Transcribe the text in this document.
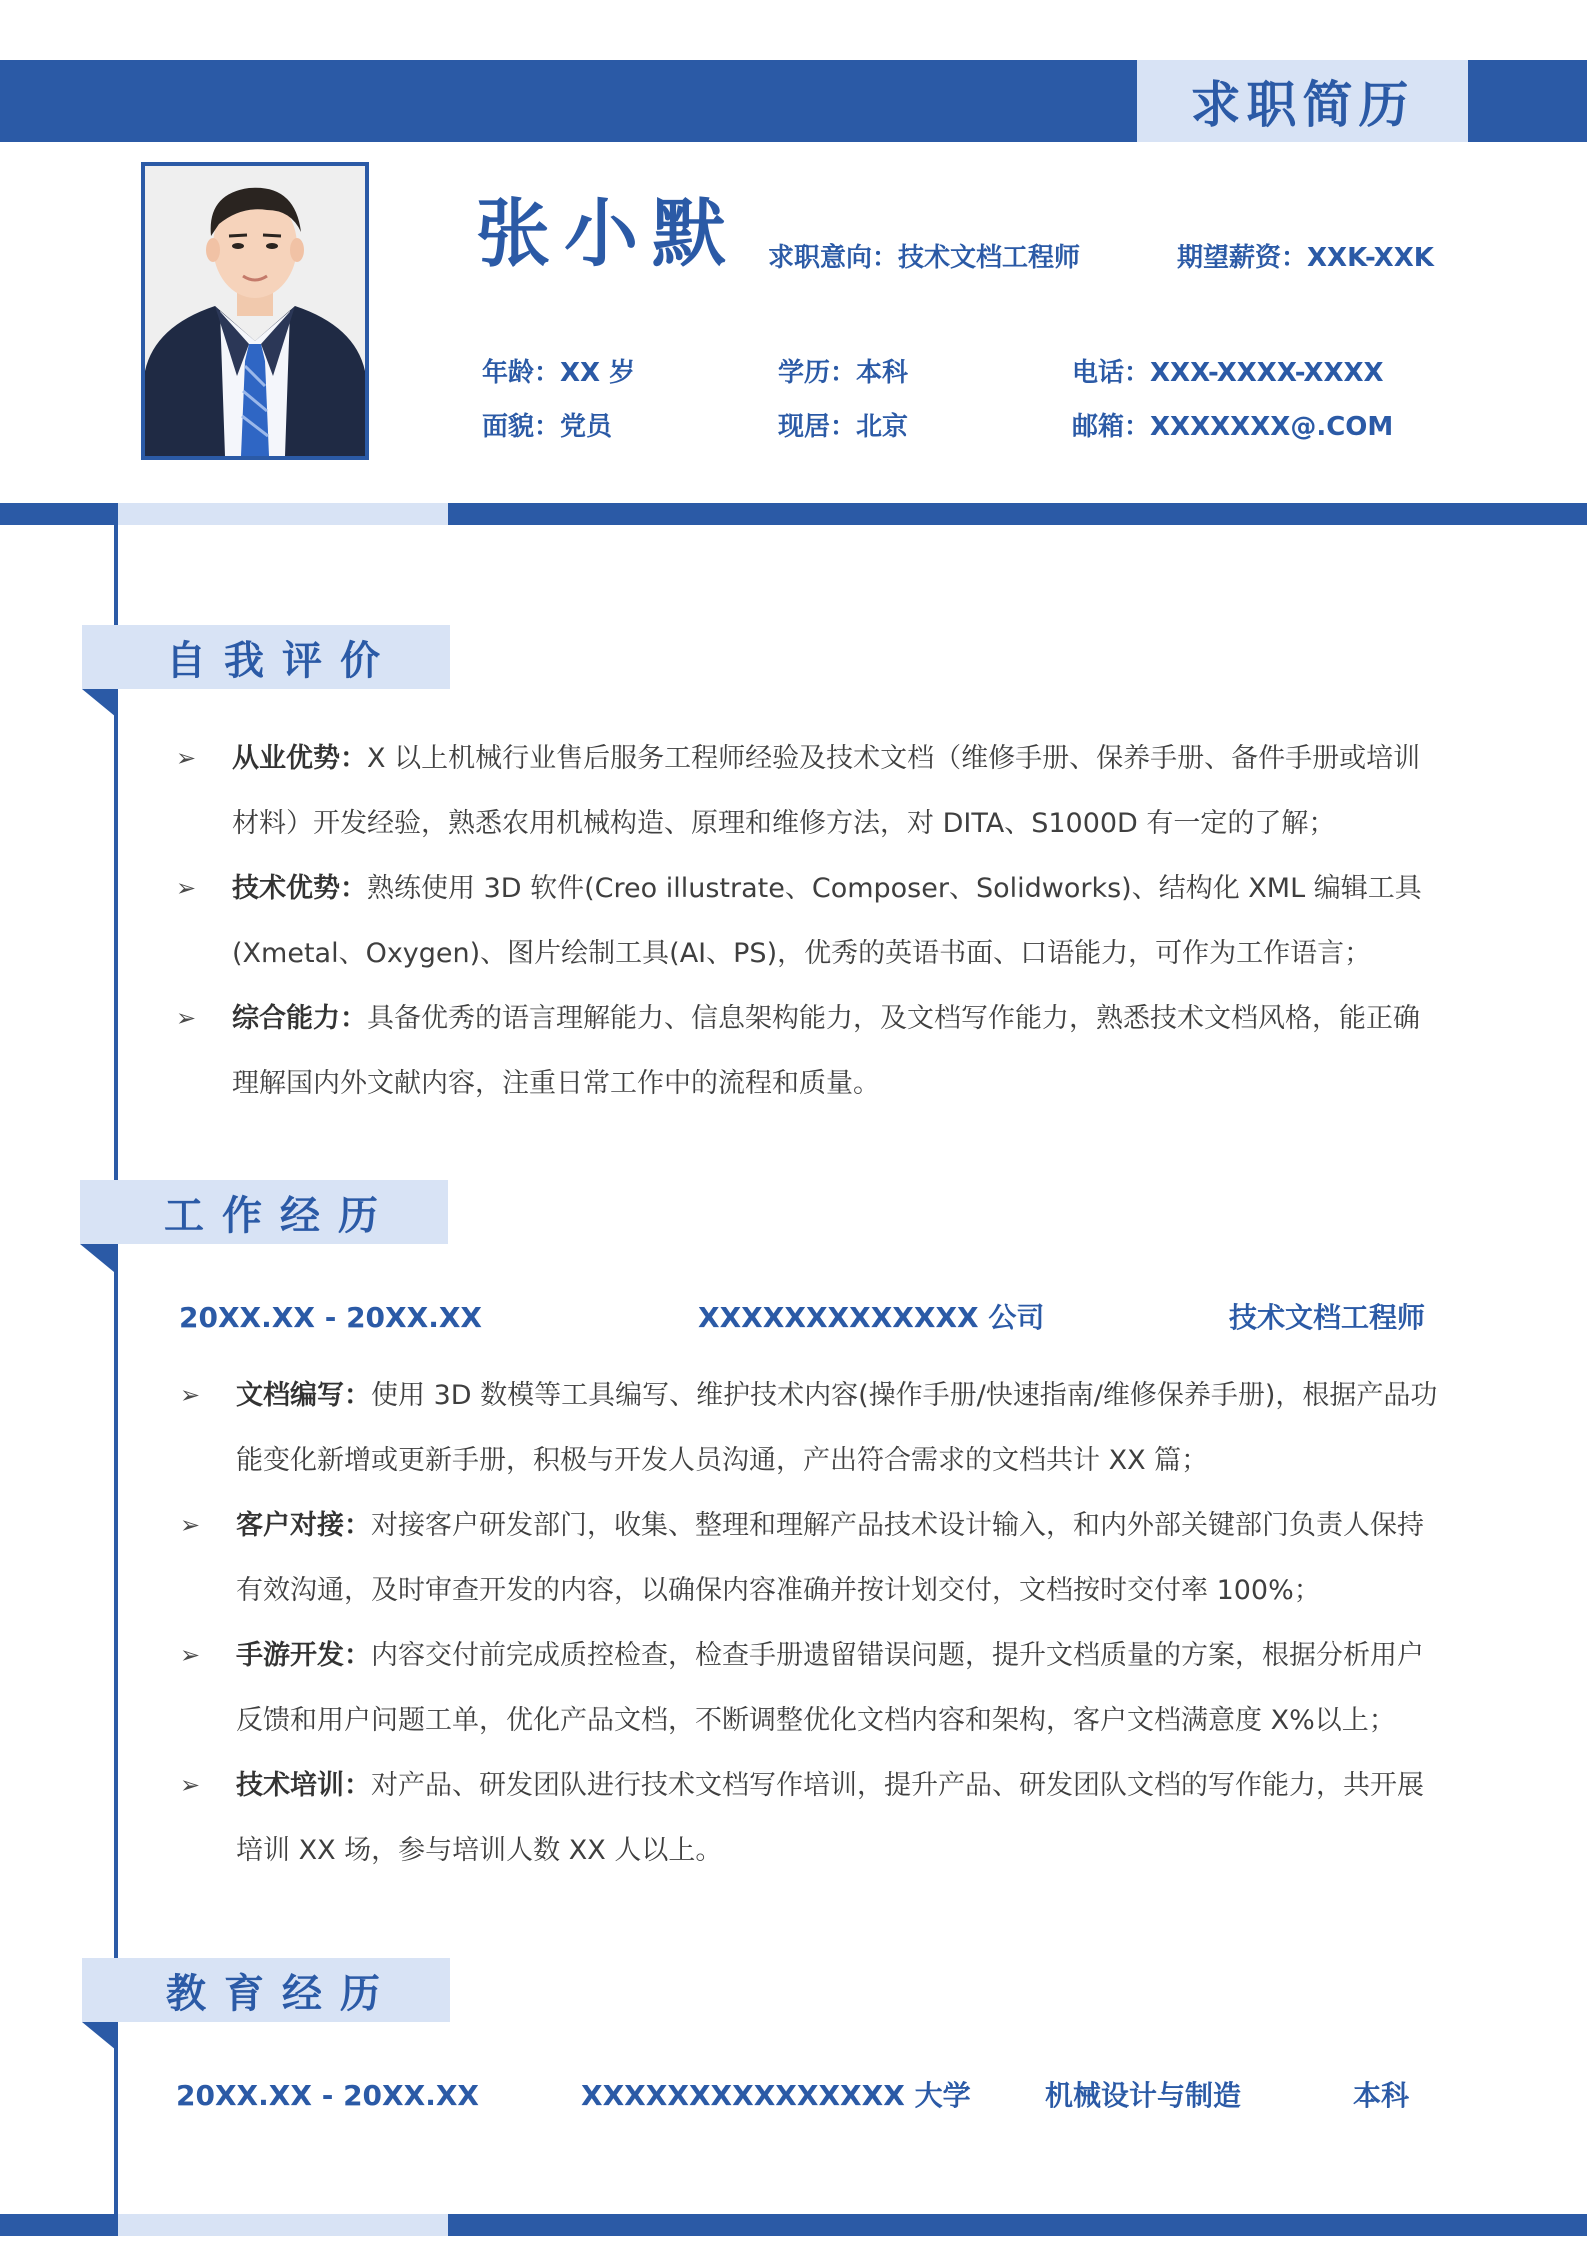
求职简历
张小默 求职意向：技术文档工程师	期望薪资：XXK-XXK
年龄：XX 岁	学历：本科	电话：XXX-XXXX-XXXX
面貌：党员	现居：北京	邮箱：XXXXXXX@.COM
自我评价
➢ 从业优势：X 以上机械行业售后服务工程师经验及技术文档（维修手册、保养手册、备件手册或培训材料）开发经验，熟悉农用机械构造、原理和维修方法，对 DITA、S1000D 有一定的了解；
➢ 技术优势：熟练使用 3D 软件(Creo illustrate、Composer、Solidworks)、结构化 XML 编辑工具(Xmetal、Oxygen)、图片绘制工具(AI、PS)，优秀的英语书面、口语能力，可作为工作语言；
➢ 综合能力：具备优秀的语言理解能力、信息架构能力，及文档写作能力，熟悉技术文档风格，能正确理解国内外文献内容，注重日常工作中的流程和质量。
工作经历
20XX.XX - 20XX.XX	XXXXXXXXXXXXX 公司	技术文档工程师
➢ 文档编写：使用 3D 数模等工具编写、维护技术内容(操作手册/快速指南/维修保养手册)，根据产品功能变化新增或更新手册，积极与开发人员沟通，产出符合需求的文档共计 XX 篇；
➢ 客户对接：对接客户研发部门，收集、整理和理解产品技术设计输入，和内外部关键部门负责人保持有效沟通，及时审查开发的内容，以确保内容准确并按计划交付，文档按时交付率 100%；
➢ 手游开发：内容交付前完成质控检查，检查手册遗留错误问题，提升文档质量的方案，根据分析用户反馈和用户问题工单，优化产品文档，不断调整优化文档内容和架构，客户文档满意度 X%以上；
➢ 技术培训：对产品、研发团队进行技术文档写作培训，提升产品、研发团队文档的写作能力，共开展培训 XX 场，参与培训人数 XX 人以上。
教育经历
20XX.XX - 20XX.XX	XXXXXXXXXXXXXXX 大学	机械设计与制造	本科
